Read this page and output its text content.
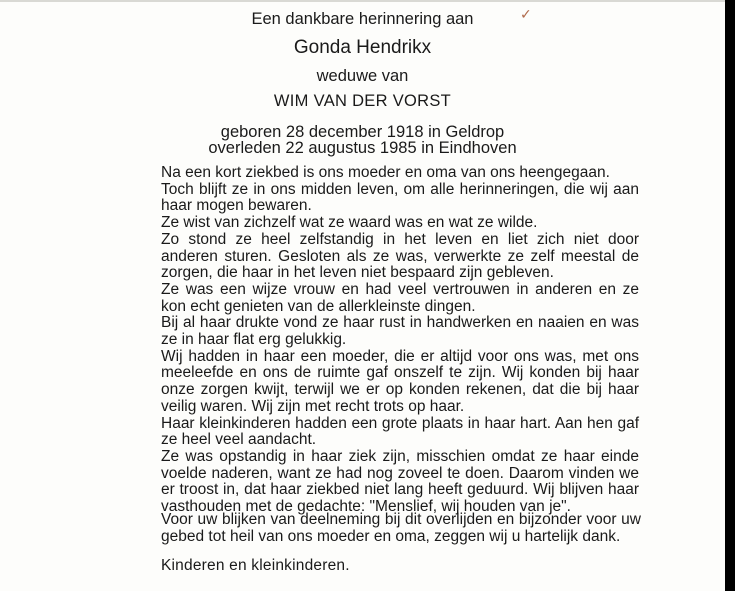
✓
Een dankbare herinnering aan
Gonda Hendrikx
weduwe van
WIM VAN DER VORST
geboren 28 december 1918 in Geldrop
overleden 22 augustus 1985 in Eindhoven

Na een kort ziekbed is ons moeder en oma van ons heengegaan.

Toch blijft ze in ons midden leven, om alle herinneringen, die wij aan haar mogen bewaren.

Ze wist van zichzelf wat ze waard was en wat ze wilde.

Zo stond ze heel zelfstandig in het leven en liet zich niet door anderen sturen. Gesloten als ze was, verwerkte ze zelf meestal de zorgen, die haar in het leven niet bespaard zijn gebleven.

Ze was een wijze vrouw en had veel vertrouwen in anderen en ze kon echt genieten van de allerkleinste dingen.

Bij al haar drukte vond ze haar rust in handwerken en naaien en was ze in haar flat erg gelukkig.

Wij hadden in haar een moeder, die er altijd voor ons was, met ons meeleefde en ons de ruimte gaf onszelf te zijn. Wij konden bij haar onze zorgen kwijt, terwijl we er op konden rekenen, dat die bij haar veilig waren. Wij zijn met recht trots op haar.

Haar kleinkinderen hadden een grote plaats in haar hart. Aan hen gaf ze heel veel aandacht.

Ze was opstandig in haar ziek zijn, misschien omdat ze haar einde voelde naderen, want ze had nog zoveel te doen. Daarom vinden we er troost in, dat haar ziekbed niet lang heeft geduurd. Wij blijven haar vasthouden met de gedachte: "Menslief, wij houden van je".

Voor uw blijken van deelneming bij dit overlijden en bijzonder voor uw gebed tot heil van ons moeder en oma, zeggen wij u hartelijk dank.

Kinderen en kleinkinderen.
